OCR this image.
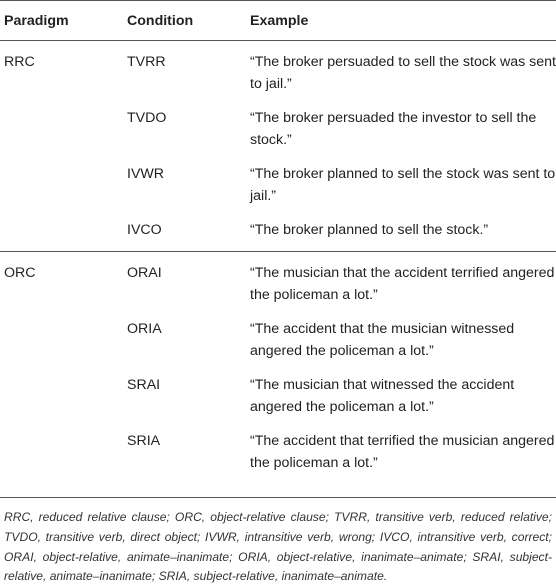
Paradigm	Condition	Example
RRC	TVRR	“The broker persuaded to sell the stock was sent to jail.”
	TVDO	“The broker persuaded the investor to sell the stock.”
	IVWR	“The broker planned to sell the stock was sent to jail.”
	IVCO	“The broker planned to sell the stock.”
ORC	ORAI	“The musician that the accident terrified angered the policeman a lot.”
	ORIA	“The accident that the musician witnessed angered the policeman a lot.”
	SRAI	“The musician that witnessed the accident angered the policeman a lot.”
	SRIA	“The accident that terrified the musician angered the policeman a lot.”
RRC, reduced relative clause; ORC, object-relative clause; TVRR, transitive verb, reduced relative; TVDO, transitive verb, direct object; IVWR, intransitive verb, wrong; IVCO, intransitive verb, correct; ORAI, object-relative, animate–inanimate; ORIA, object-relative, inanimate–animate; SRAI, subject-relative, animate–inanimate; SRIA, subject-relative, inanimate–animate.
